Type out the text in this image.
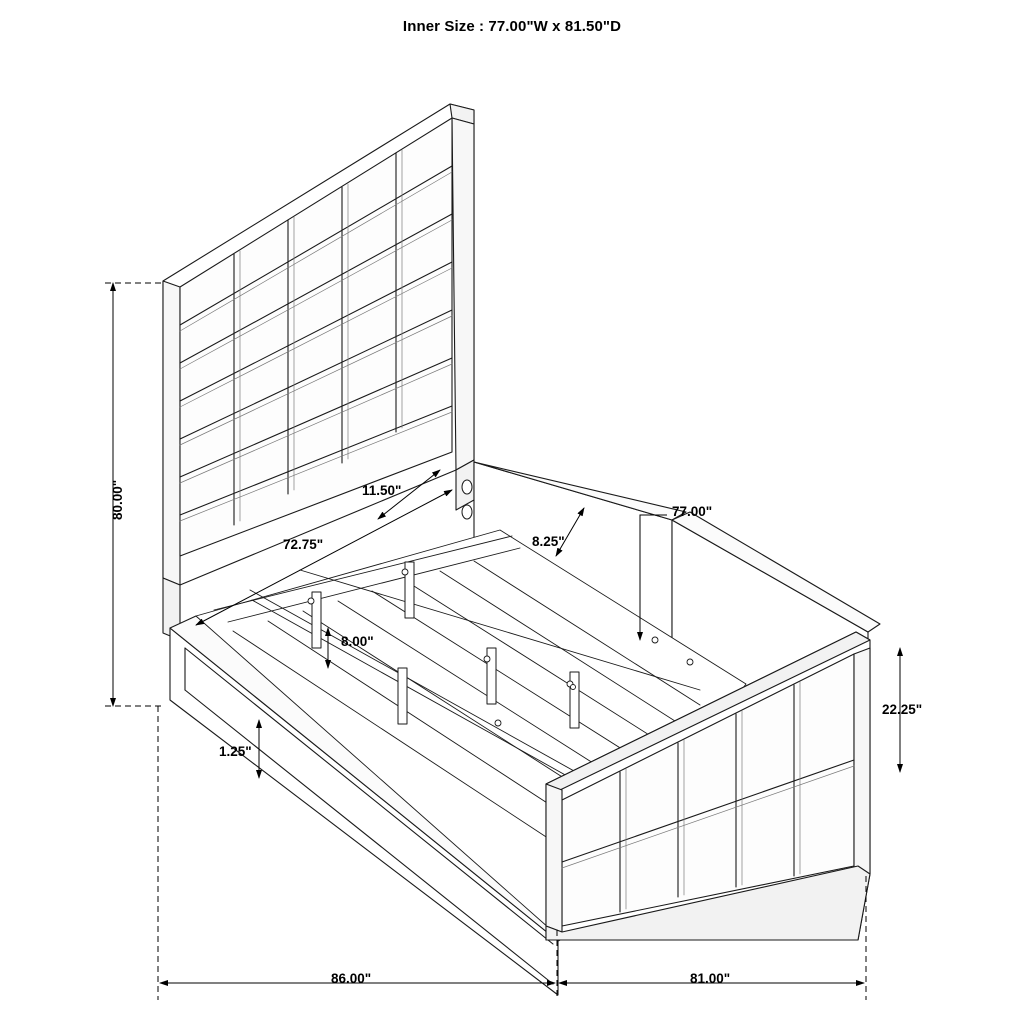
Inner Size : 77.00"W x 81.50"D
80.00"	11.50"
72.75"	8.25"
77.00"
8.00"
1.25"
22.25"
86.00"	81.00"
